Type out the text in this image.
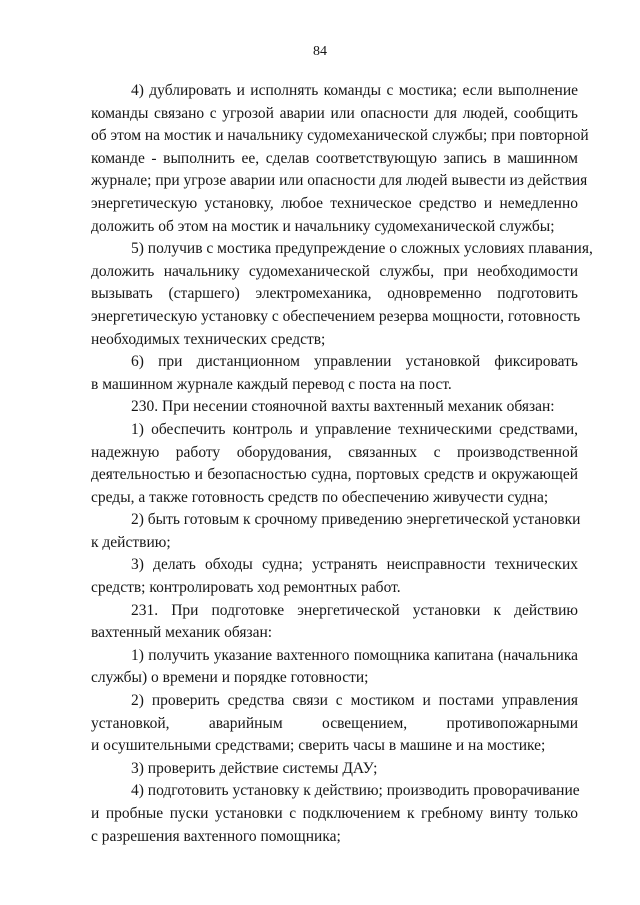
84

4) дублировать и исполнять команды с мостика; если выполнение
команды связано с угрозой аварии или опасности для людей, сообщить
об этом на мостик и начальнику судомеханической службы; при повторной
команде - выполнить ее, сделав соответствующую запись в машинном
журнале; при угрозе аварии или опасности для людей вывести из действия
энергетическую установку, любое техническое средство и немедленно
доложить об этом на мостик и начальнику судомеханической службы;

5) получив с мостика предупреждение о сложных условиях плавания,
доложить начальнику судомеханической службы, при необходимости
вызывать (старшего) электромеханика, одновременно подготовить
энергетическую установку с обеспечением резерва мощности, готовность
необходимых технических средств;

6) при дистанционном управлении установкой фиксировать
в машинном журнале каждый перевод с поста на пост.

230. При несении стояночной вахты вахтенный механик обязан:

1) обеспечить контроль и управление техническими средствами,
надежную работу оборудования, связанных с производственной
деятельностью и безопасностью судна, портовых средств и окружающей
среды, а также готовность средств по обеспечению живучести судна;

2) быть готовым к срочному приведению энергетической установки
к действию;

3) делать обходы судна; устранять неисправности технических
средств; контролировать ход ремонтных работ.

231. При подготовке энергетической установки к действию
вахтенный механик обязан:

1) получить указание вахтенного помощника капитана (начальника
службы) о времени и порядке готовности;

2) проверить средства связи с мостиком и постами управления
установкой, аварийным освещением, противопожарными
и осушительными средствами; сверить часы в машине и на мостике;

3) проверить действие системы ДАУ;

4) подготовить установку к действию; производить проворачивание
и пробные пуски установки с подключением к гребному винту только
с разрешения вахтенного помощника;
